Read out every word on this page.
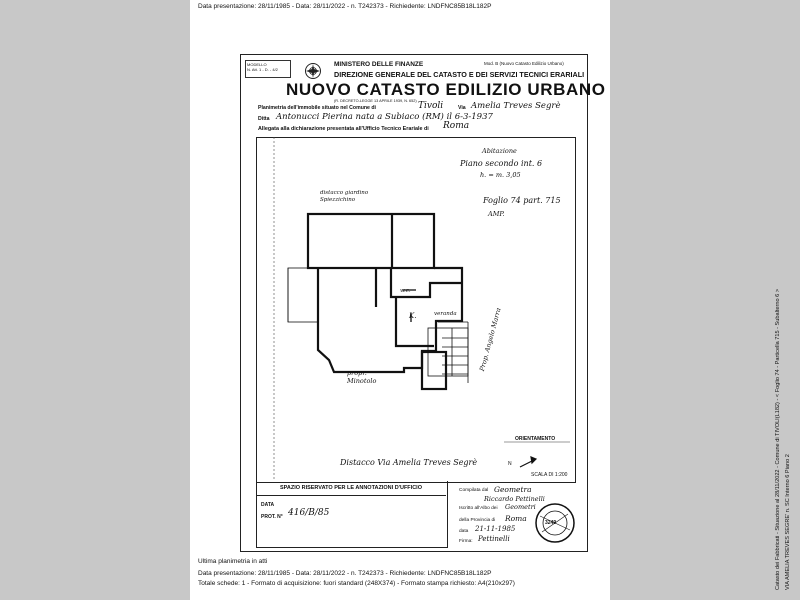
Data presentazione: 28/11/1985 - Data: 28/11/2022 - n. T242373 - Richiedente: LNDFNC85B18L182P
MODELLO
N. Att. 1 - D. - 4/2
Mod. B (Nuovo Catasto Edilizio Urbano)
MINISTERO DELLE FINANZE
DIREZIONE GENERALE DEL CATASTO E DEI SERVIZI TECNICI ERARIALI
NUOVO CATASTO EDILIZIO URBANO
(R. DECRETO-LEGGE 13 APRILE 1939, N. 652)
Planimetria dell'immobile situato nel Comune di	Tivoli	Via Amelia Treves Segrè
Ditta Antonucci Pierina nata a Subiaco (RM) il 6-3-1937
Allegata alla dichiarazione presentata all'Ufficio Tecnico Erariale di Roma
Abitazione
Piano secondo int. 6
h. = m. 3,05
Foglio 74 part. 715
AMP.
distacco giardino Spiezzichino
w.c.
K.	veranda	Prop. Angelo Marra
propr. Minotolo
Distacco Via Amelia Treves Segrè
ORIENTAMENTO
N
SCALA DI 1:200
SPAZIO RISERVATO PER LE ANNOTAZIONI D'UFFICIO
DATA
PROT. N° 416/B/85
Compilata dal Geometra
Riccardo Pettinelli
Iscritto all'Albo dei Geometri
della Provincia di Roma
data 21-11-1985
Firma: Pettinelli
3249	Catasto dei Fabbricati - Situazione al 28/11/2022 - Comune di TIVOLI(L182) - < Foglio 74 - Particella 715 - Subalterno 6 > VIA AMELIA TREVES SEGRE' n. SC Interno 6 Piano 2
Ultima planimetria in atti
Data presentazione: 28/11/1985 - Data: 28/11/2022 - n. T242373 - Richiedente: LNDFNC85B18L182P
Totale schede: 1 - Formato di acquisizione: fuori standard (248X374) - Formato stampa richiesto: A4(210x297)
